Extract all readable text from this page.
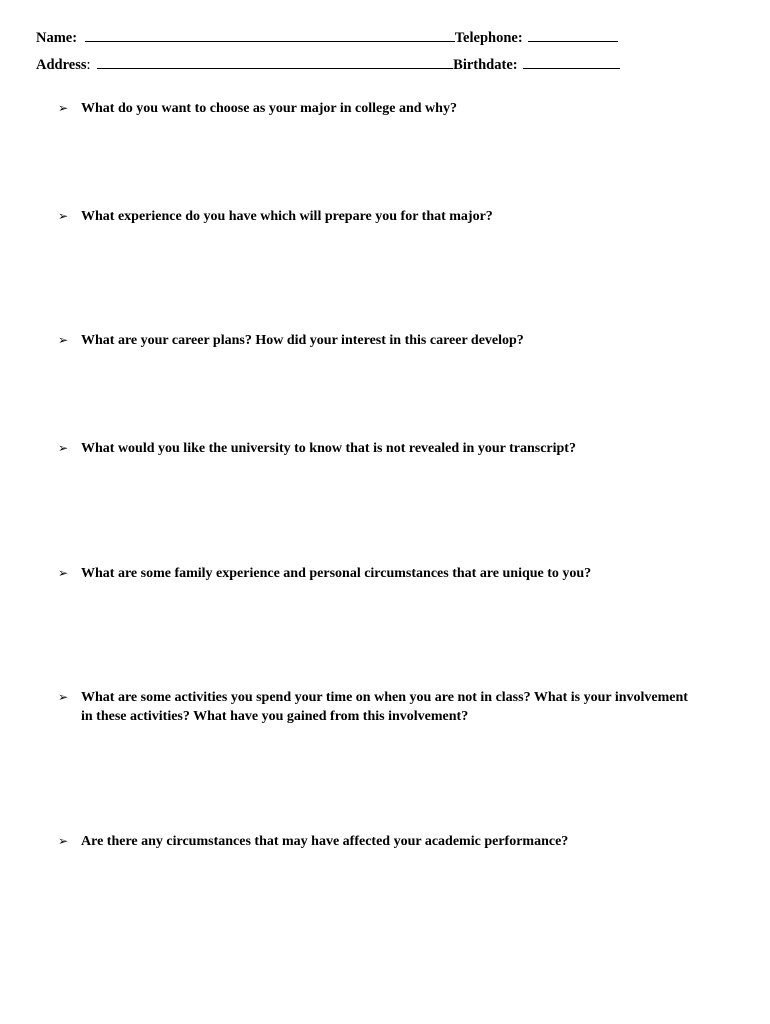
Name:	Telephone:
Address:	Birthdate:
➢ What do you want to choose as your major in college and why?
➢ What experience do you have which will prepare you for that major?
➢ What are your career plans? How did your interest in this career develop?
➢ What would you like the university to know that is not revealed in your transcript?
➢ What are some family experience and personal circumstances that are unique to you?
➢ What are some activities you spend your time on when you are not in class? What is your involvement in these activities? What have you gained from this involvement?
➢ Are there any circumstances that may have affected your academic performance?
